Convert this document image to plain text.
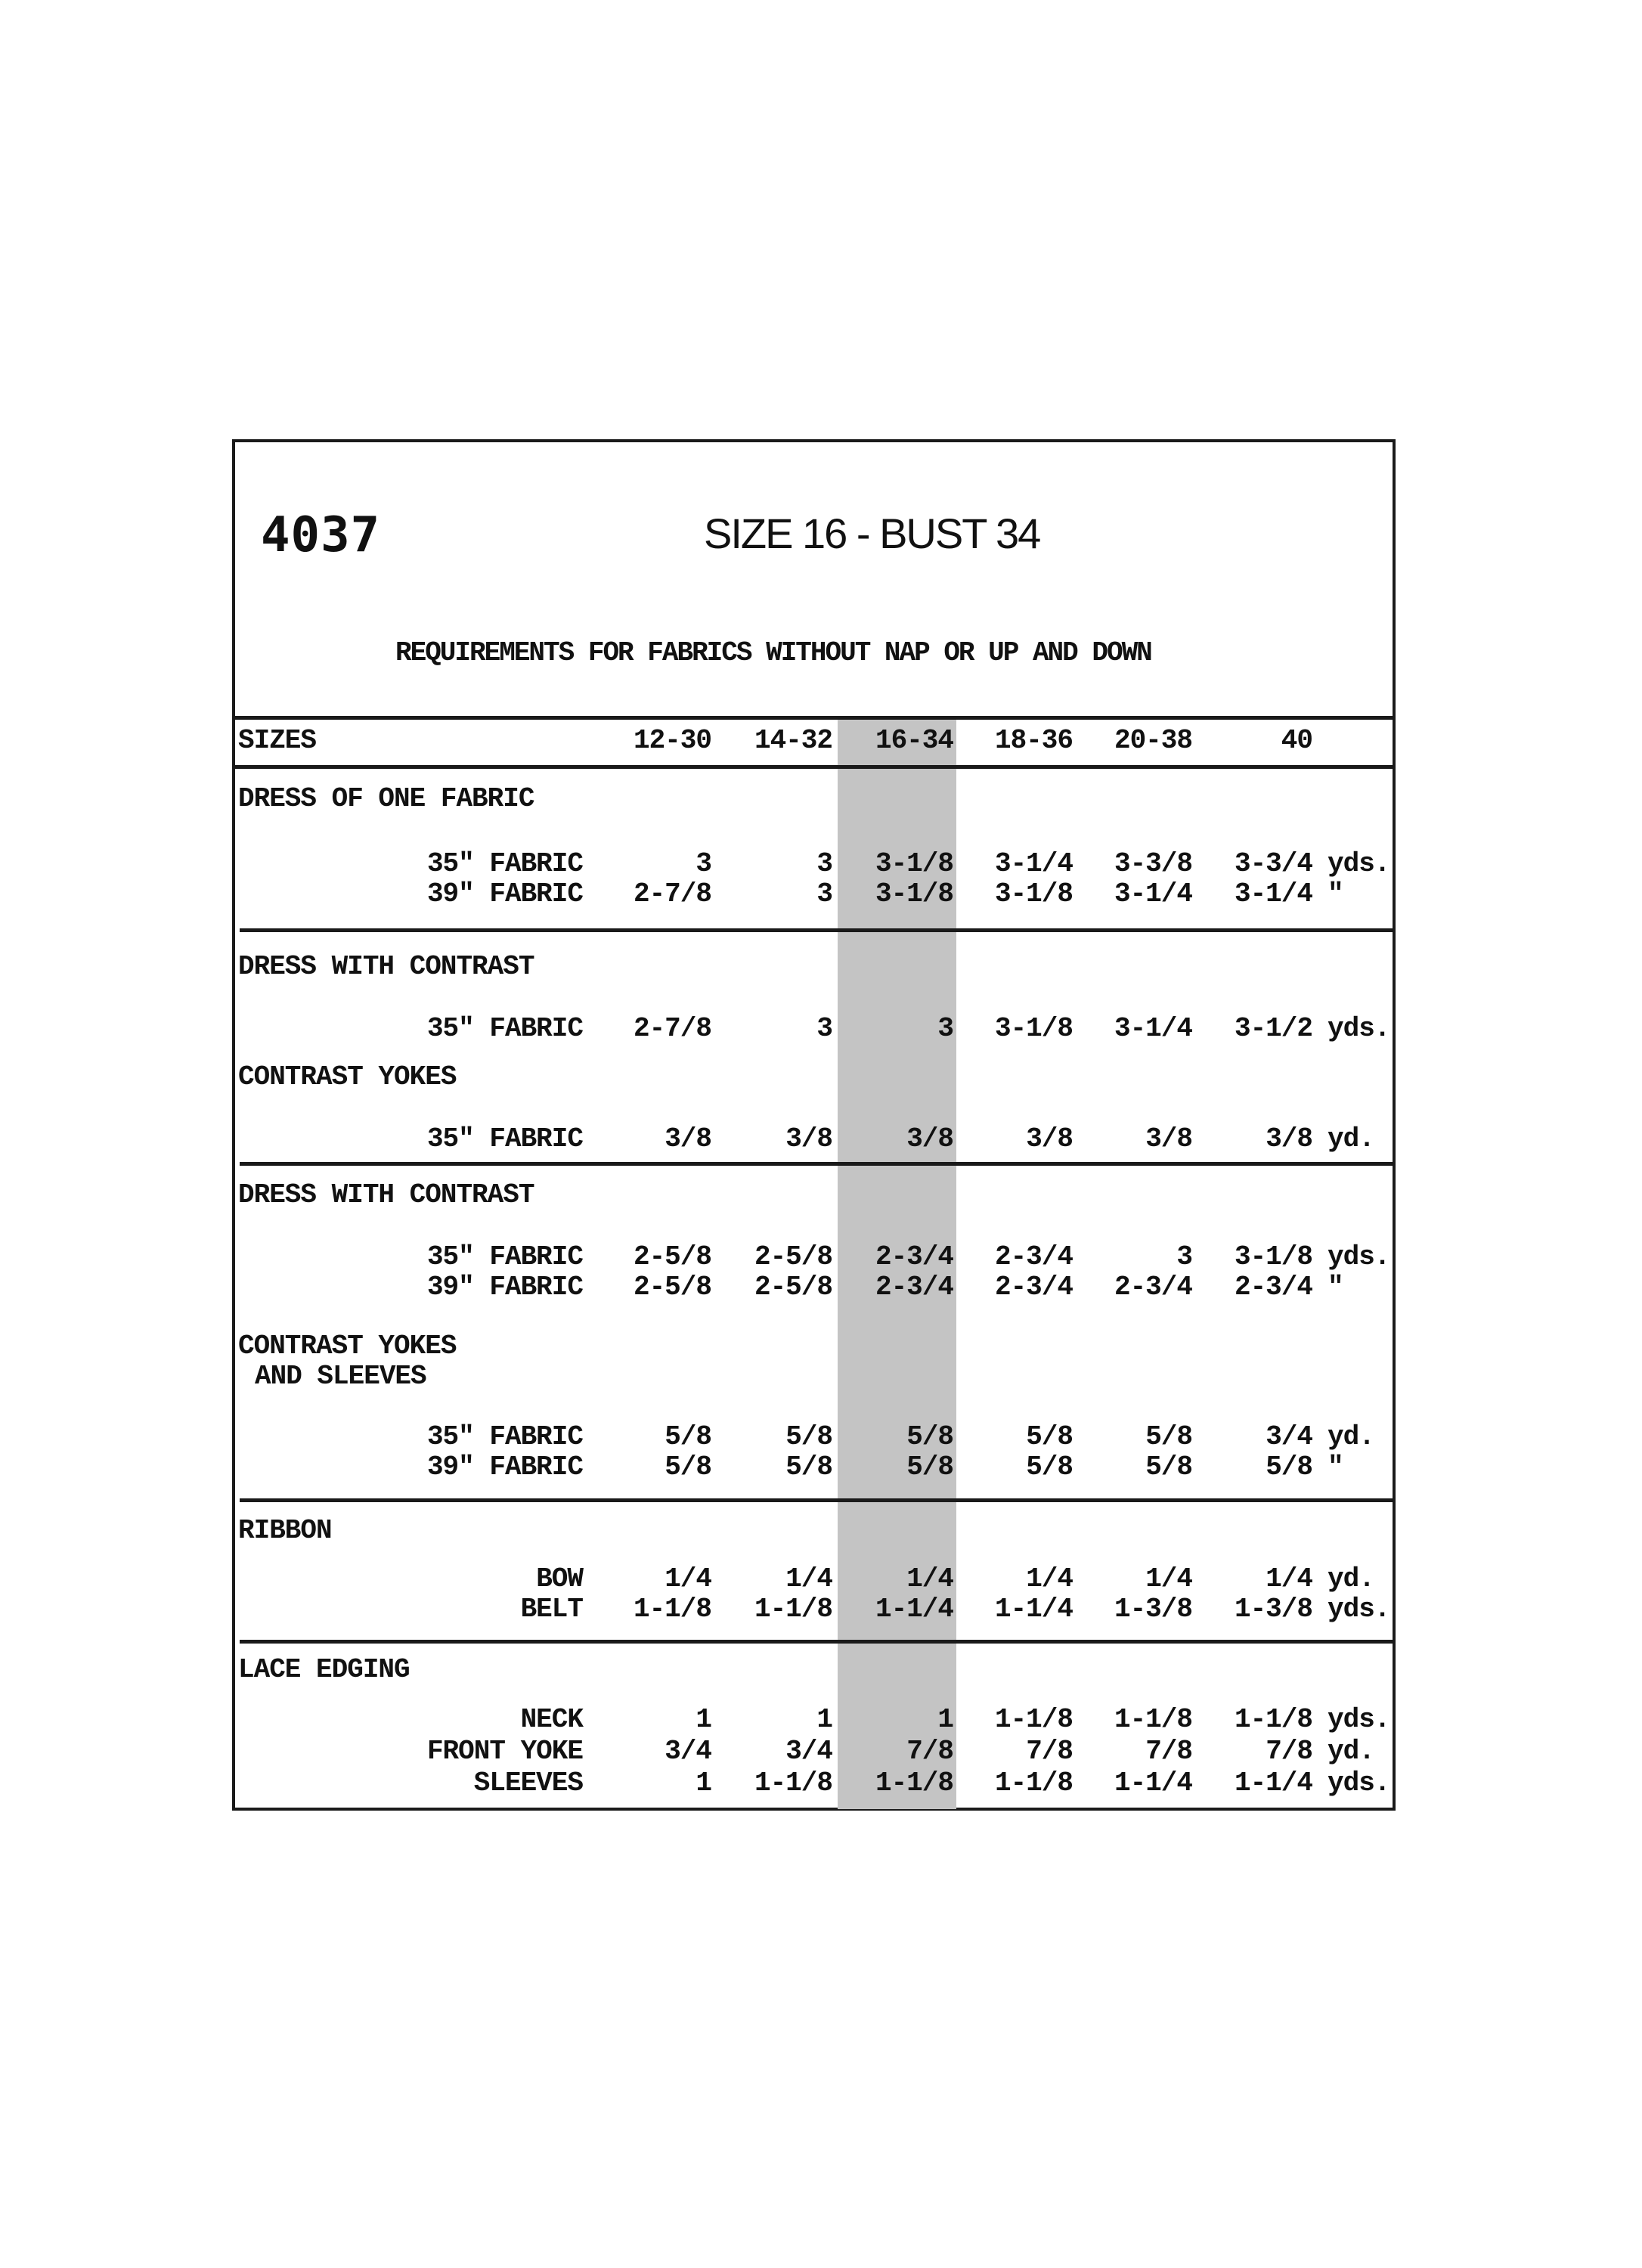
4037	SIZE 16 - BUST 34
REQUIREMENTS FOR FABRICS WITHOUT NAP OR UP AND DOWN
SIZES	12-30	14-32	16-34	18-36	20-38	40
DRESS OF ONE FABRIC
35" FABRIC	3	3	3-1/8	3-1/4	3-3/8	3-3/4 yds.
39" FABRIC	2-7/8	3	3-1/8	3-1/8	3-1/4	3-1/4 "
DRESS WITH CONTRAST
35" FABRIC	2-7/8	3	3	3-1/8	3-1/4	3-1/2 yds.
CONTRAST YOKES
35" FABRIC	3/8	3/8	3/8	3/8	3/8	3/8 yd.
DRESS WITH CONTRAST
35" FABRIC	2-5/8	2-5/8	2-3/4	2-3/4	3	3-1/8 yds.
39" FABRIC	2-5/8	2-5/8	2-3/4	2-3/4	2-3/4	2-3/4 "
CONTRAST YOKES
AND SLEEVES
35" FABRIC	5/8	5/8	5/8	5/8	5/8	3/4 yd.
39" FABRIC	5/8	5/8	5/8	5/8	5/8	5/8 "
RIBBON
BOW	1/4	1/4	1/4	1/4	1/4	1/4 yd.
BELT	1-1/8	1-1/8	1-1/4	1-1/4	1-3/8	1-3/8 yds.
LACE EDGING
NECK	1	1	1	1-1/8	1-1/8	1-1/8 yds.
FRONT YOKE	3/4	3/4	7/8	7/8	7/8	7/8 yd.
SLEEVES	1	1-1/8	1-1/8	1-1/8	1-1/4	1-1/4 yds.
